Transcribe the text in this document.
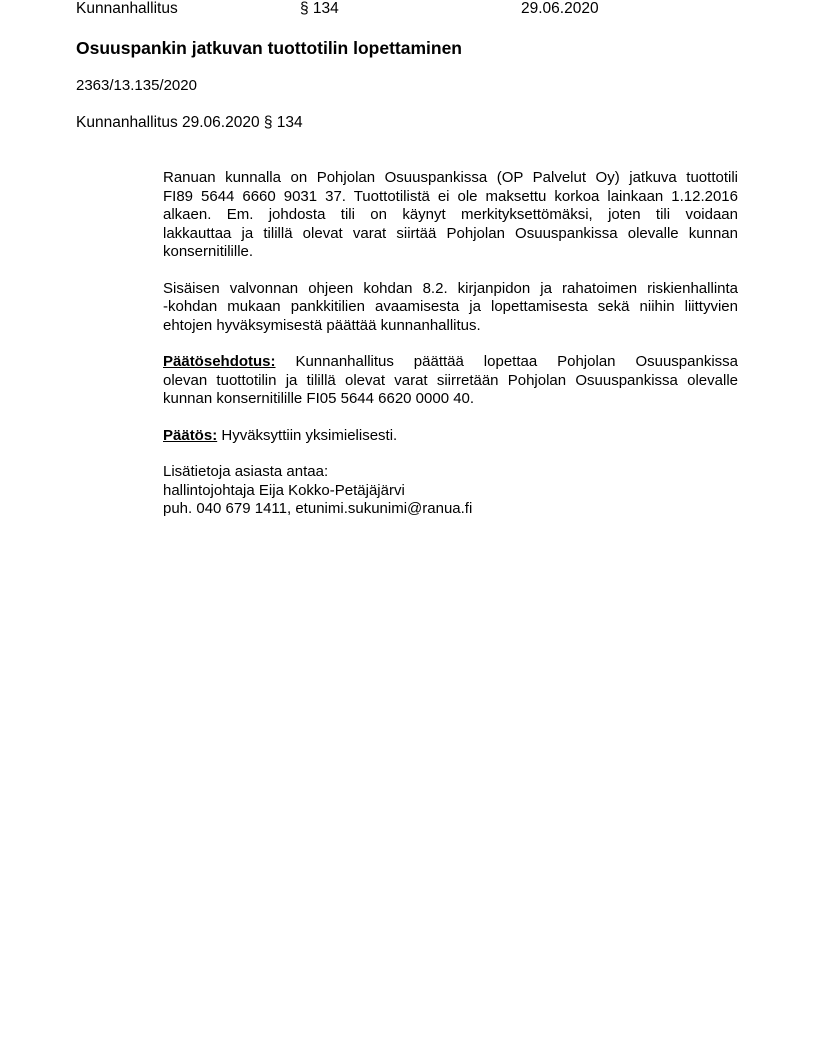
Kunnanhallitus	§ 134	29.06.2020
Osuuspankin jatkuvan tuottotilin lopettaminen
2363/13.135/2020
Kunnanhallitus 29.06.2020 § 134

Ranuan kunnalla on Pohjolan Osuuspankissa (OP Palvelut Oy) jatkuva tuottotili
FI89 5644 6660 9031 37. Tuottotilistä ei ole maksettu korkoa lainkaan 1.12.2016
alkaen. Em. johdosta tili on käynyt merkityksettömäksi, joten tili voidaan
lakkauttaa ja tilillä olevat varat siirtää Pohjolan Osuuspankissa olevalle kunnan
konsernitilille.

Sisäisen valvonnan ohjeen kohdan 8.2. kirjanpidon ja rahatoimen riskienhallinta
-kohdan mukaan pankkitilien avaamisesta ja lopettamisesta sekä niihin liittyvien
ehtojen hyväksymisestä päättää kunnanhallitus.

Päätösehdotus: Kunnanhallitus päättää lopettaa Pohjolan Osuuspankissa
olevan tuottotilin ja tilillä olevat varat siirretään Pohjolan Osuuspankissa olevalle
kunnan konsernitilille FI05 5644 6620 0000 40.

Päätös: Hyväksyttiin yksimielisesti.

Lisätietoja asiasta antaa:
hallintojohtaja Eija Kokko-Petäjäjärvi
puh. 040 679 1411, etunimi.sukunimi@ranua.fi
